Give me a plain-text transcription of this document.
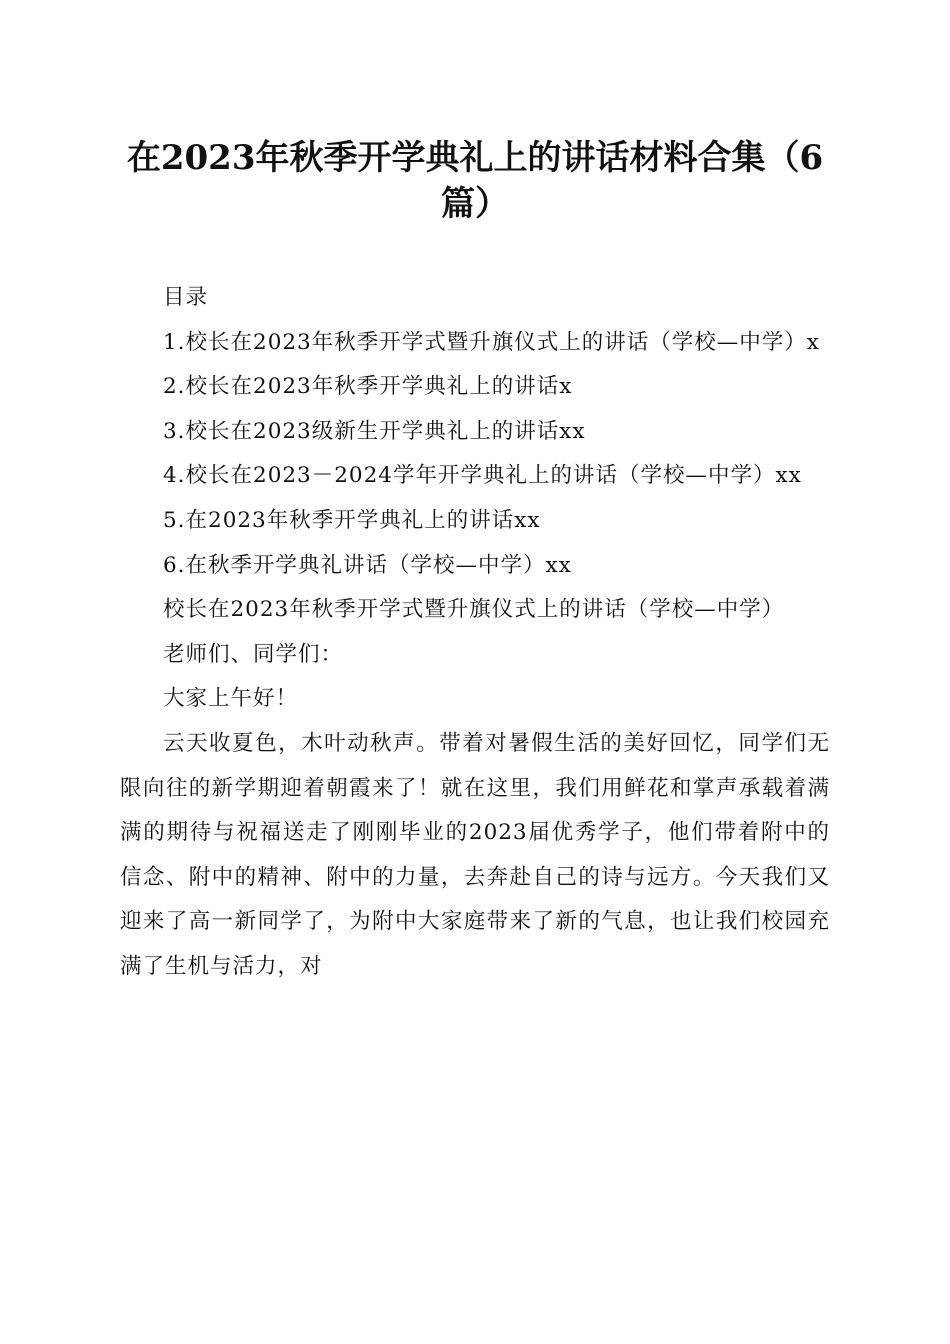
在2023年秋季开学典礼上的讲话材料合集（6篇）

目录

1.校长在2023年秋季开学式暨升旗仪式上的讲话（学校—中学）x

2.校长在2023年秋季开学典礼上的讲话x

3.校长在2023级新生开学典礼上的讲话xx

4.校长在2023－2024学年开学典礼上的讲话（学校—中学）xx

5.在2023年秋季开学典礼上的讲话xx

6.在秋季开学典礼讲话（学校—中学）xx

校长在2023年秋季开学式暨升旗仪式上的讲话（学校—中学）

老师们、同学们：

大家上午好！

云天收夏色，木叶动秋声。带着对暑假生活的美好回忆，同学们无限向往的新学期迎着朝霞来了！就在这里，我们用鲜花和掌声承载着满满的期待与祝福送走了刚刚毕业的2023届优秀学子，他们带着附中的信念、附中的精神、附中的力量，去奔赴自己的诗与远方。今天我们又迎来了高一新同学了，为附中大家庭带来了新的气息，也让我们校园充满了生机与活力，对
